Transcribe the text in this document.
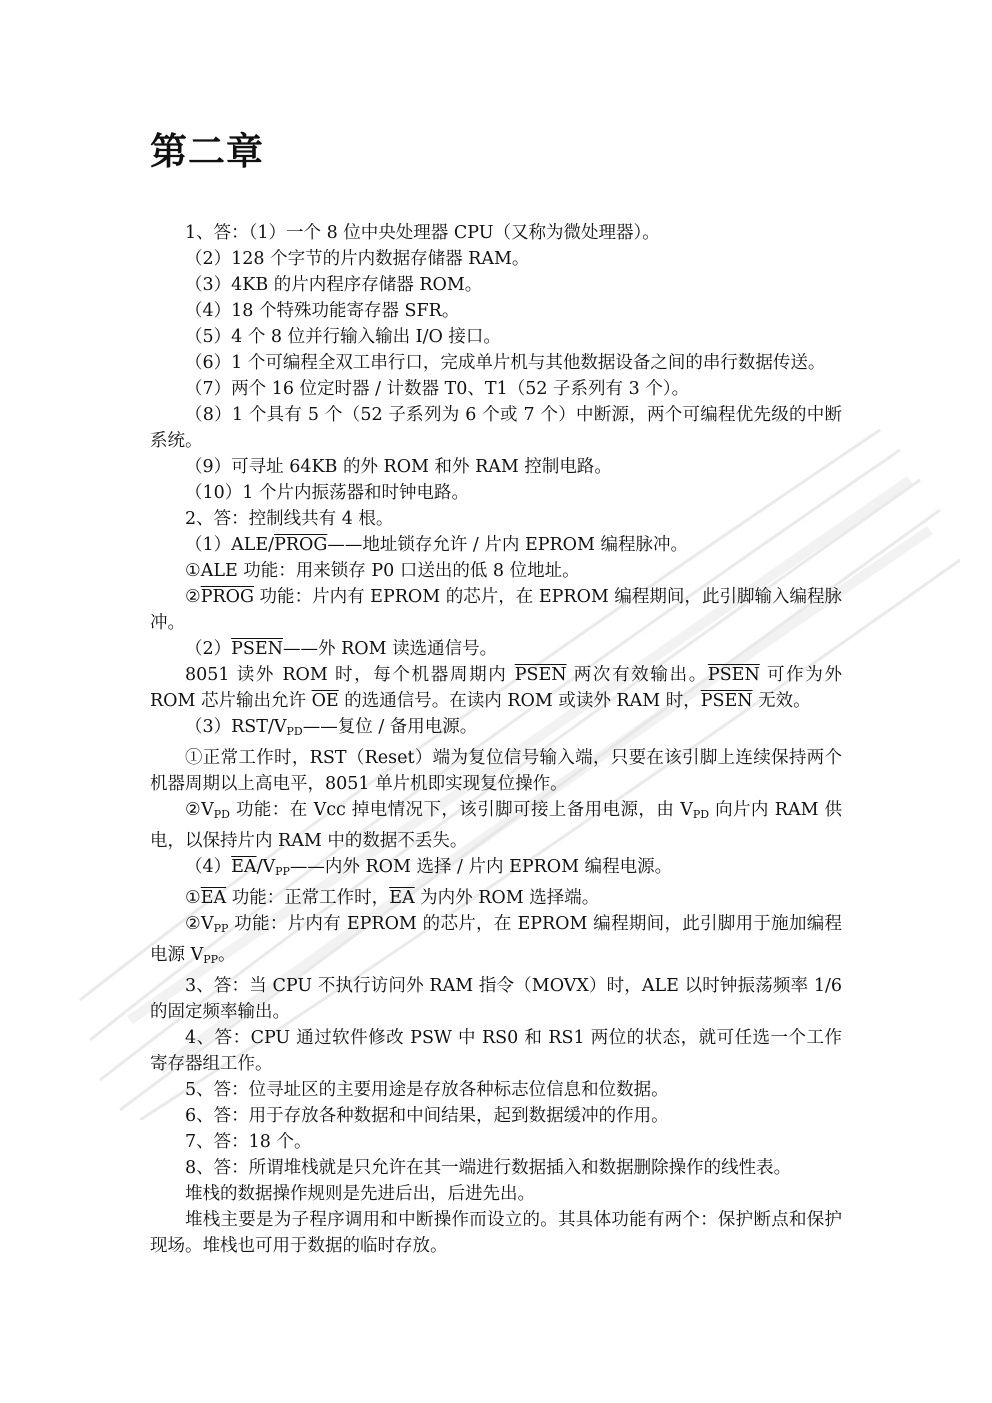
第二章

1、答：（1）一个 8 位中央处理器 CPU（又称为微处理器）。

（2）128 个字节的片内数据存储器 RAM。

（3）4KB 的片内程序存储器 ROM。

（4）18 个特殊功能寄存器 SFR。

（5）4 个 8 位并行输入输出 I/O 接口。

（6）1 个可编程全双工串行口，完成单片机与其他数据设备之间的串行数据传送。

（7）两个 16 位定时器 / 计数器 T0、T1（52 子系列有 3 个）。

（8）1 个具有 5 个（52 子系列为 6 个或 7 个）中断源，两个可编程优先级的中断系统。

（9）可寻址 64KB 的外 ROM 和外 RAM 控制电路。

（10）1 个片内振荡器和时钟电路。

2、答：控制线共有 4 根。

（1）ALE/PROG——地址锁存允许 / 片内 EPROM 编程脉冲。

①ALE 功能：用来锁存 P0 口送出的低 8 位地址。

②PROG 功能：片内有 EPROM 的芯片，在 EPROM 编程期间，此引脚输入编程脉冲。

（2）PSEN——外 ROM 读选通信号。

8051 读外 ROM 时，每个机器周期内 PSEN 两次有效输出。PSEN 可作为外 ROM 芯片输出允许 $\overline{OE}$ 的选通信号。在读内 ROM 或读外 RAM 时，PSEN 无效。

$(3)RST/V_{PD}——$复位 / 备用电源。

①正常工作时，RST（Reset）端为复位信号输入端，只要在该引脚上连续保持两个机器周期以上高电平，8051 单片机即实现复位操作。

$②V_{PD}$ 功能：在 Vcc 掉电情况下，该引脚可接上备用电源，由 $V_{PD}$ 向片内 RAM 供电，以保持片内 RAM 中的数据不丢失。

$(4)\overline{EA}/V_{PP}——$内外 ROM 选择 / 片内 EPROM 编程电源。

$①\overline{EA}$ 功能：正常工作时，$\overline{EA}$ 为内外 ROM 选择端。

$②V_{PP}$ 功能：片内有 EPROM 的芯片，在 EPROM 编程期间，此引脚用于施加编程电源 $V_{PP}$。

3、答：当 CPU 不执行访问外 RAM 指令（MOVX）时，ALE 以时钟振荡频率 1/6 的固定频率输出。

4、答：CPU 通过软件修改 PSW 中 RS0 和 RS1 两位的状态，就可任选一个工作寄存器组工作。

5、答：位寻址区的主要用途是存放各种标志位信息和位数据。

6、答：用于存放各种数据和中间结果，起到数据缓冲的作用。

7、答：18 个。

8、答：所谓堆栈就是只允许在其一端进行数据插入和数据删除操作的线性表。

堆栈的数据操作规则是先进后出，后进先出。

堆栈主要是为子程序调用和中断操作而设立的。其具体功能有两个：保护断点和保护现场。堆栈也可用于数据的临时存放。
